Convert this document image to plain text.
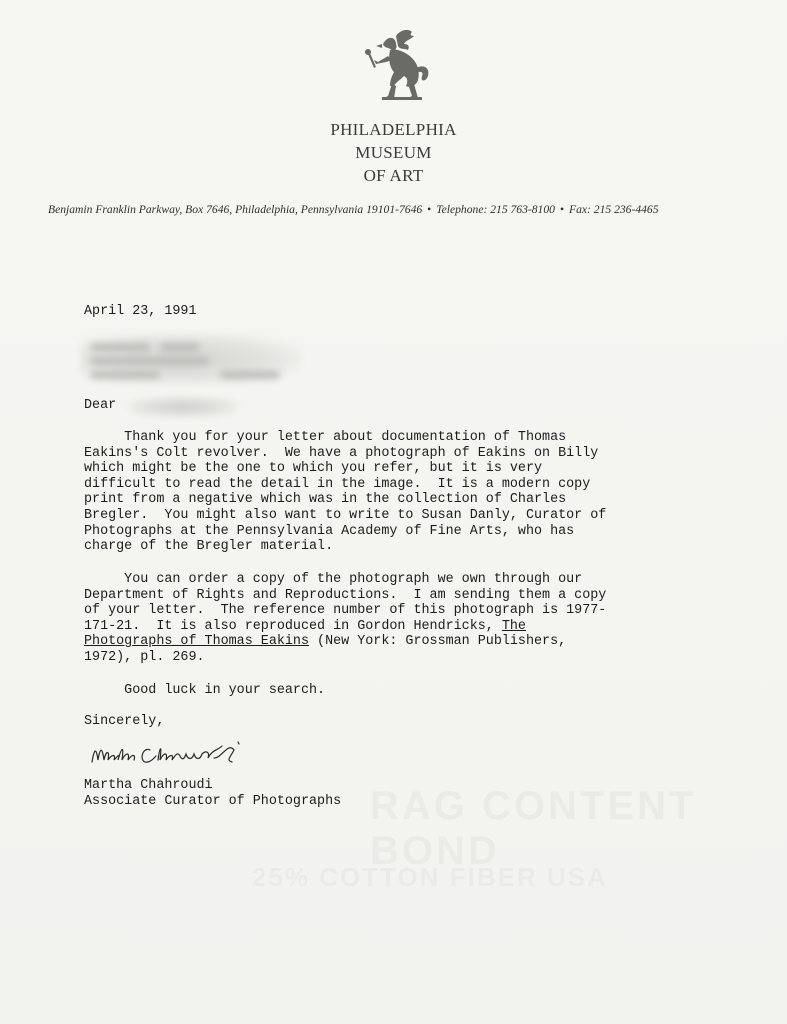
PHILADELPHIA
MUSEUM
OF ART
Benjamin Franklin Parkway, Box 7646, Philadelphia, Pennsylvania 19101-7646 • Telephone: 215 763-8100 • Fax: 215 236-4465
April 23, 1991
Dear
Thank you for your letter about documentation of Thomas
Eakins's Colt revolver.  We have a photograph of Eakins on Billy
which might be the one to which you refer, but it is very
difficult to read the detail in the image.  It is a modern copy
print from a negative which was in the collection of Charles
Bregler.  You might also want to write to Susan Danly, Curator of
Photographs at the Pennsylvania Academy of Fine Arts, who has
charge of the Bregler material.
You can order a copy of the photograph we own through our
Department of Rights and Reproductions.  I am sending them a copy
of your letter.  The reference number of this photograph is 1977-
171-21.  It is also reproduced in Gordon Hendricks, The
Photographs of Thomas Eakins (New York: Grossman Publishers,
1972), pl. 269.
Good luck in your search.
Sincerely,
Martha Chahroudi
Associate Curator of Photographs
